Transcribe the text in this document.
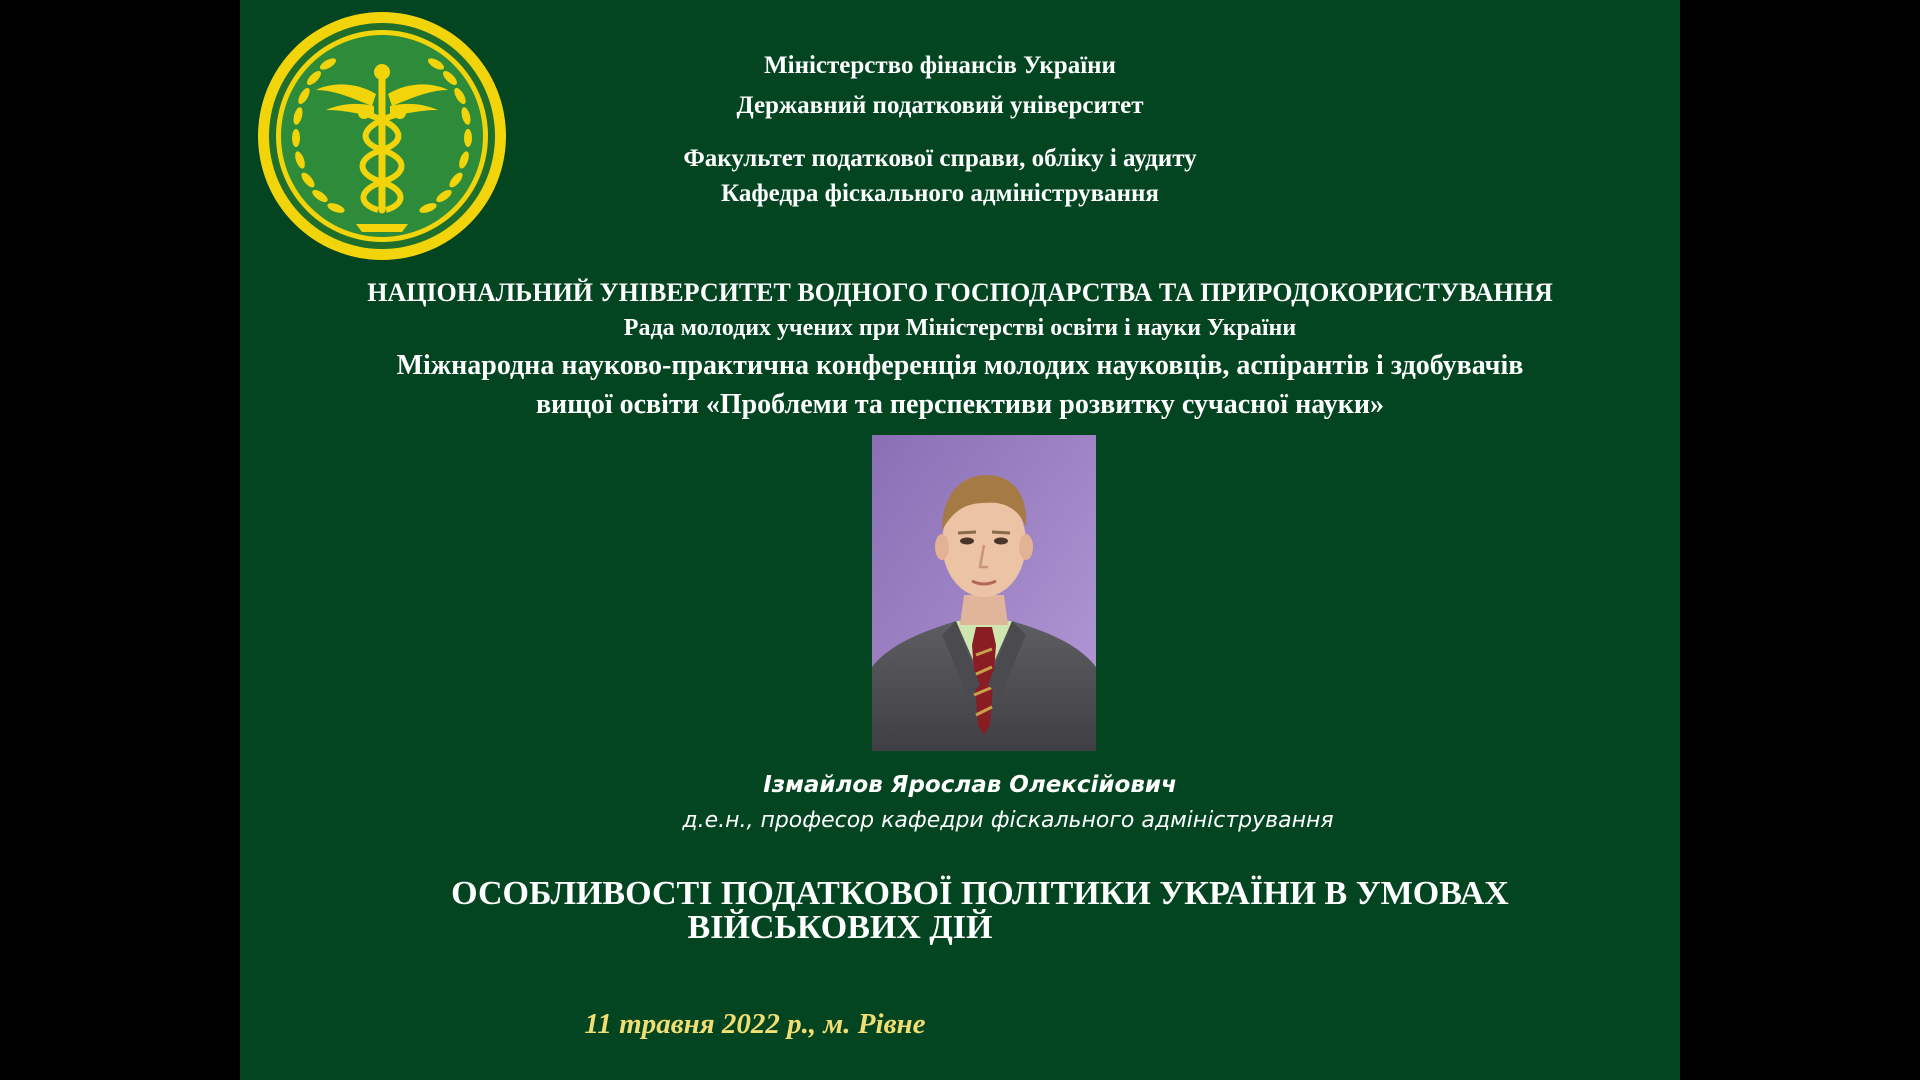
Міністерство фінансів України
Державний податковий університет
Факультет податкової справи, обліку і аудиту
Кафедра фіскального адміністрування
НАЦІОНАЛЬНИЙ УНІВЕРСИТЕТ ВОДНОГО ГОСПОДАРСТВА ТА ПРИРОДОКОРИСТУВАННЯ
Рада молодих учених при Міністерстві освіти і науки України
Міжнародна науково-практична конференція молодих науковців, аспірантів і здобувачів
вищої освіти «Проблеми та перспективи розвитку сучасної науки»
Ізмайлов Ярослав Олексійович
д.е.н., професор кафедри фіскального адміністрування
ОСОБЛИВОСТІ ПОДАТКОВОЇ ПОЛІТИКИ УКРАЇНИ В УМОВАХ
ВІЙСЬКОВИХ ДІЙ
11 травня 2022 р., м. Рівне
